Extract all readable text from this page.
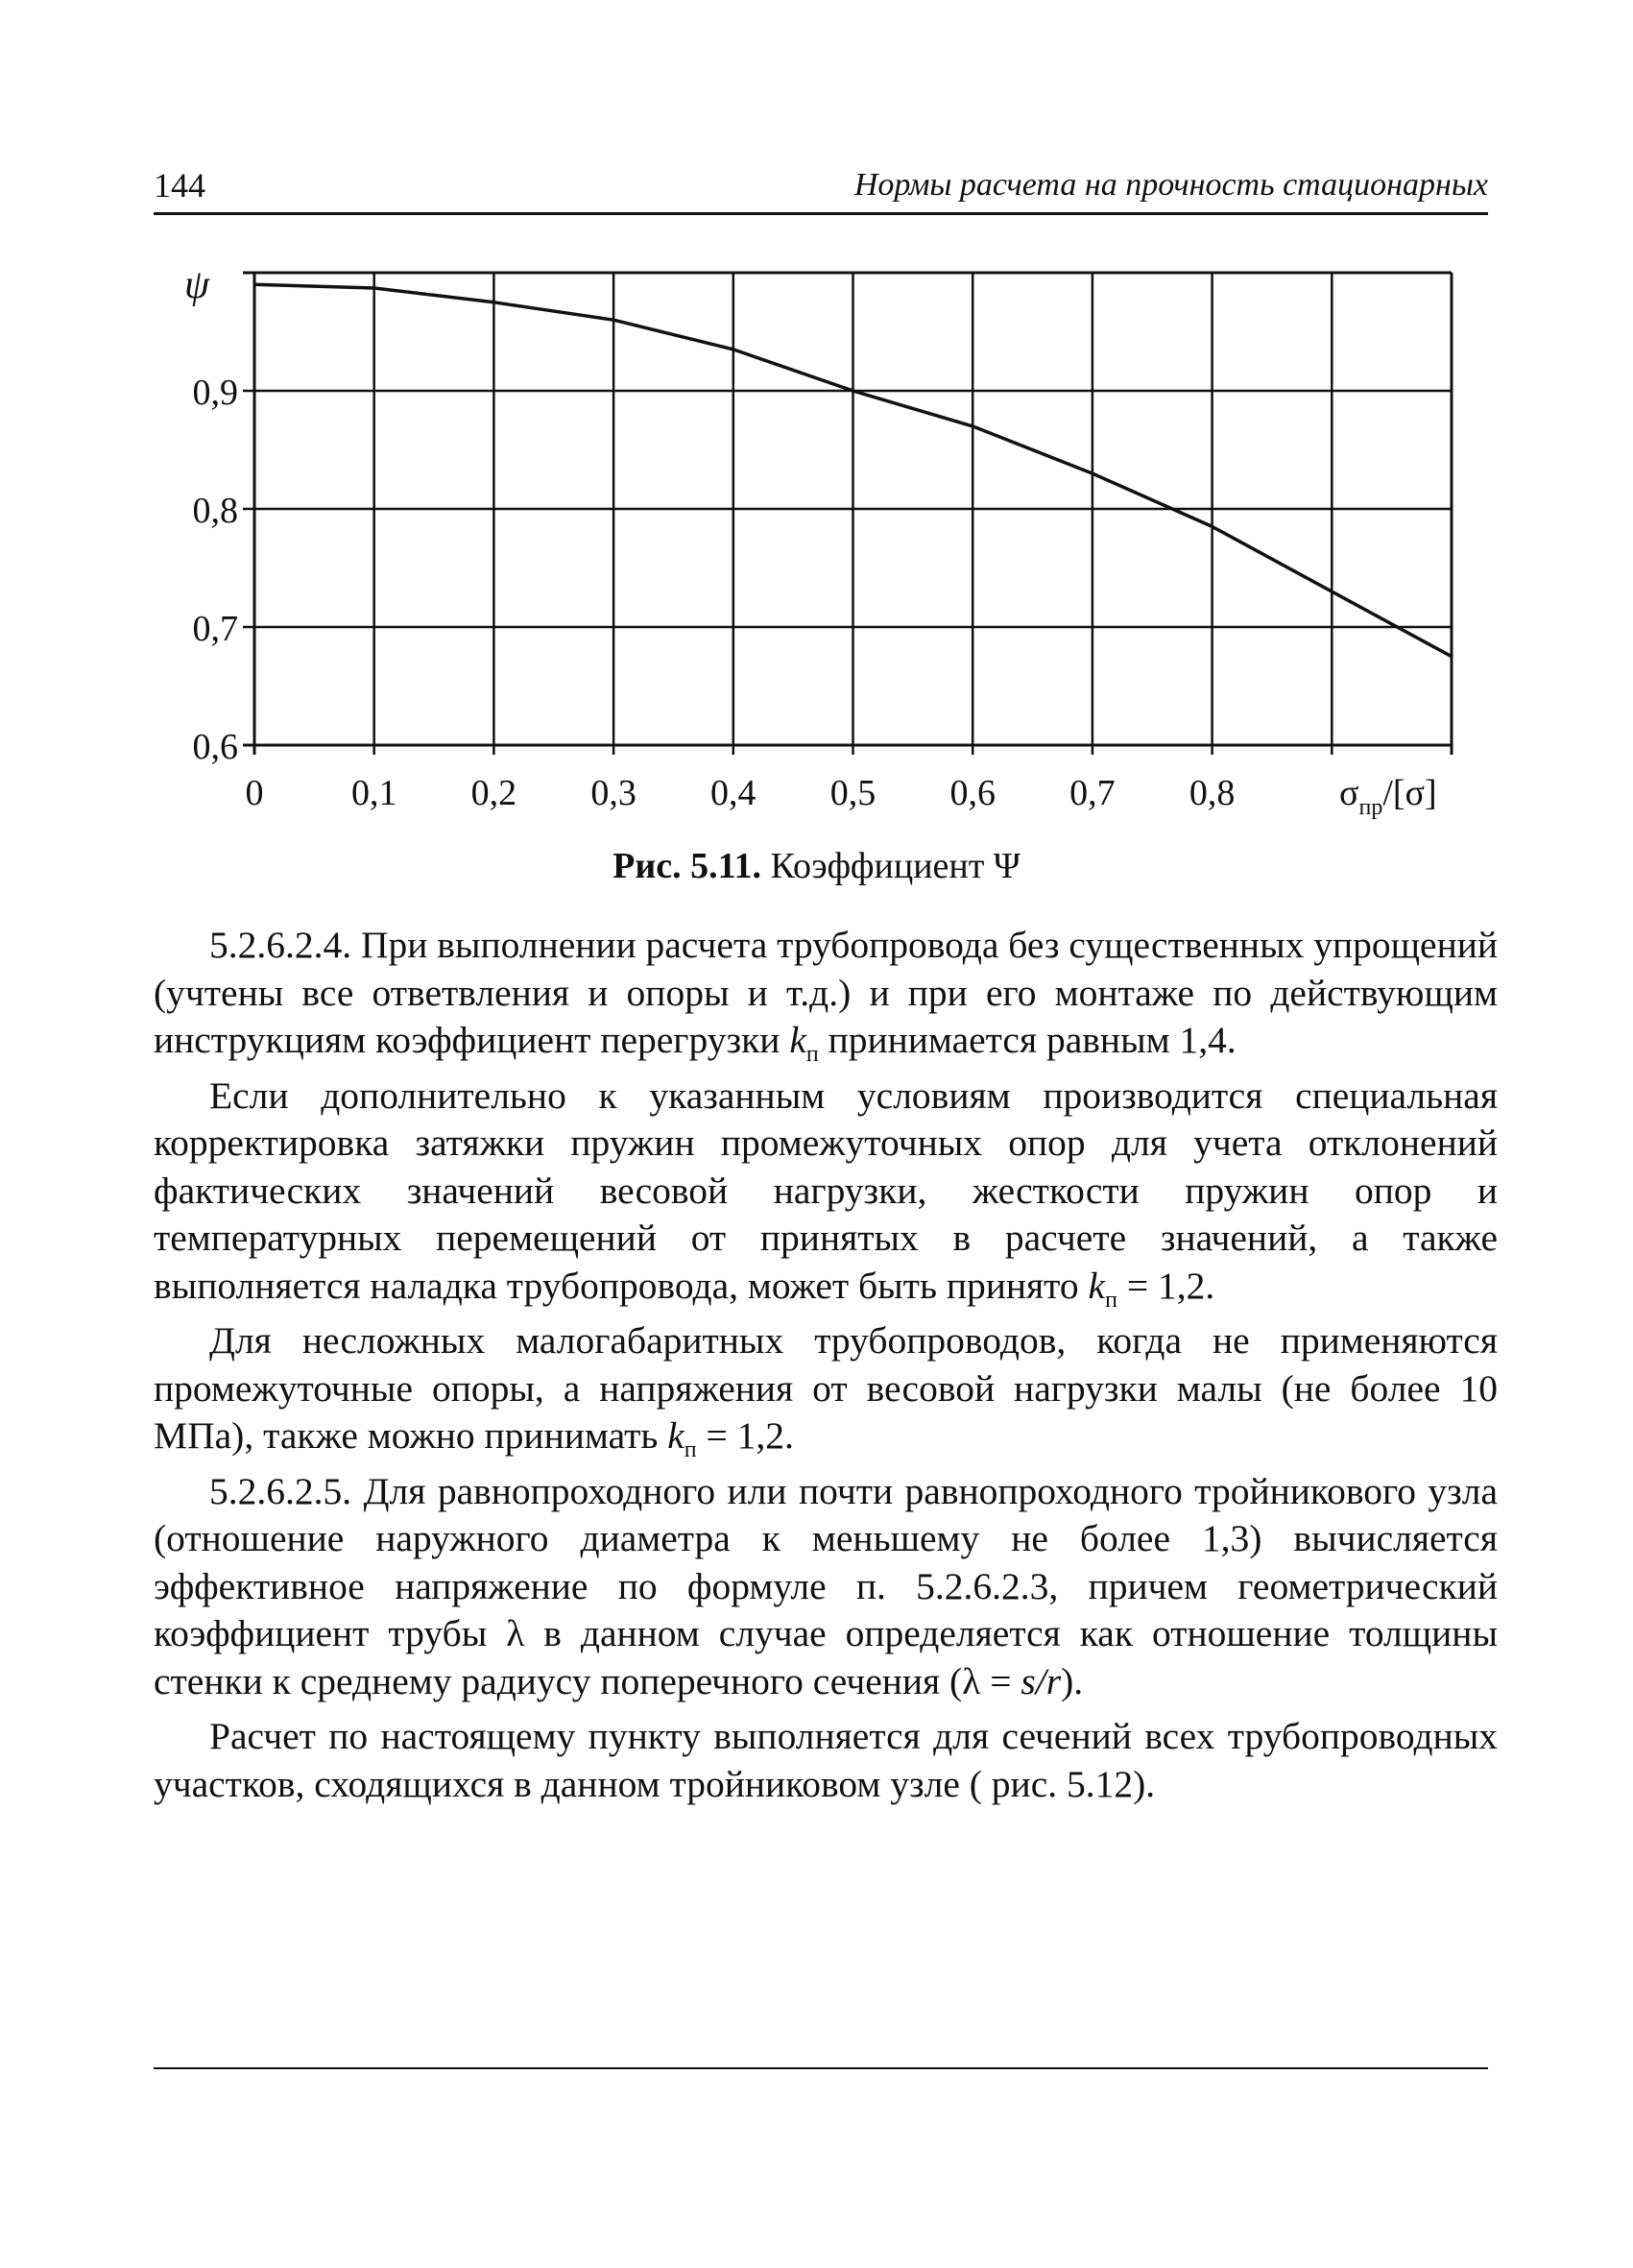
144	Нормы расчета на прочность стационарных
0 0,1 0,2 0,3 0,4 0,5 0,6 0,7 0,8
0,6
0,7
0,8
0,9
ψ
$\sigma_{пр}/[\sigma]$
Рис. 5.11. Коэффициент Ψ

5.2.6.2.4. При выполнении расчета трубопровода без существенных упрощений (учтены все ответвления и опоры и т.д.) и при его монтаже по действующим инструкциям коэффициент перегрузки $k_п$ принимается равным 1,4.

Если дополнительно к указанным условиям производится специальная корректировка затяжки пружин промежуточных опор для учета отклонений фактических значений весовой нагрузки, жесткости пружин опор и температурных перемещений от принятых в расчете значений, а также выполняется наладка трубопровода, может быть принято $k_п = 1,2$.

Для несложных малогабаритных трубопроводов, когда не применяются промежуточные опоры, а напряжения от весовой нагрузки малы (не более 10 МПа), также можно принимать $k_п = 1,2$.

5.2.6.2.5. Для равнопроходного или почти равнопроходного тройникового узла (отношение наружного диаметра к меньшему не более 1,3) вычисляется эффективное напряжение по формуле п. 5.2.6.2.3, причем геометрический коэффициент трубы λ в данном случае определяется как отношение толщины стенки к среднему радиусу поперечного сечения (λ = s/r).

Расчет по настоящему пункту выполняется для сечений всех трубопроводных участков, сходящихся в данном тройниковом узле ( рис. 5.12).
